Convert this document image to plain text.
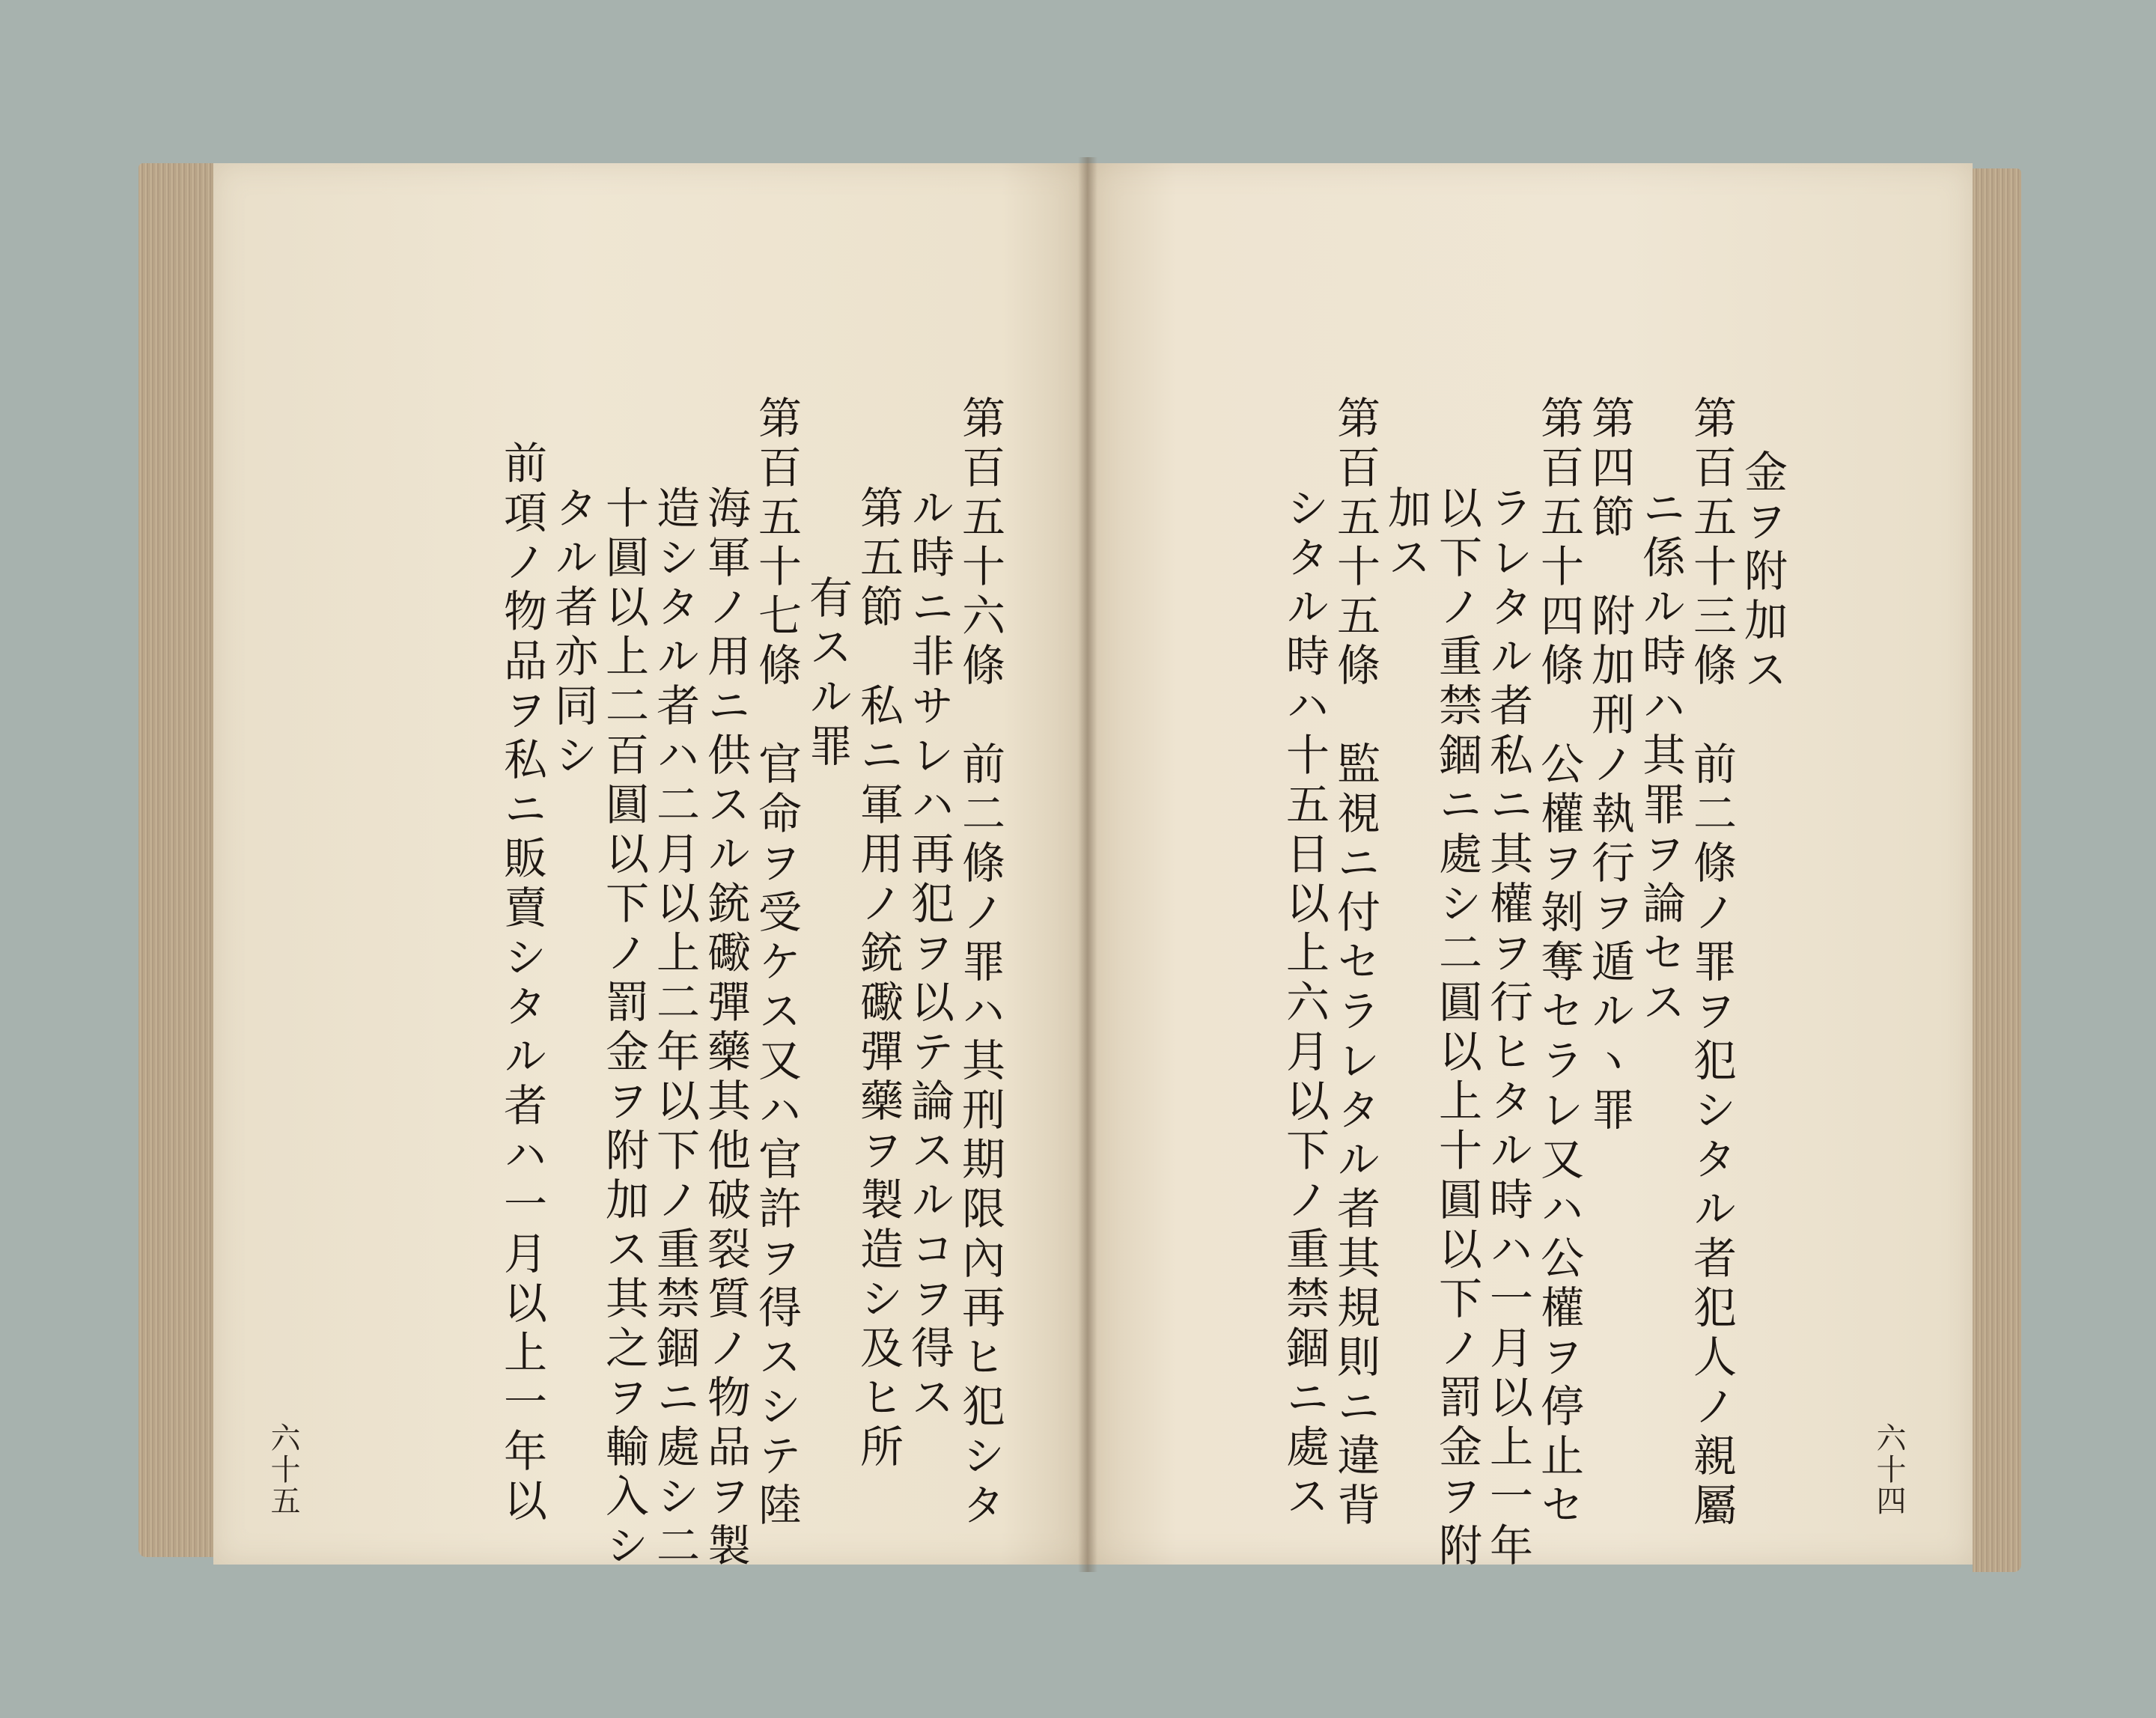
金ヲ附加ス
第百五十三條　前二條ノ罪ヲ犯シタル者犯人ノ親屬
ニ係ル時ハ其罪ヲ論セス
第四節　附加刑ノ執行ヲ遁ルヽ罪
第百五十四條　公權ヲ剝奪セラレ又ハ公權ヲ停止セ
ラレタル者私ニ其權ヲ行ヒタル時ハ一月以上一年
以下ノ重禁錮ニ處シ二圓以上十圓以下ノ罰金ヲ附
加ス
第百五十五條　監視ニ付セラレタル者其規則ニ違背
シタル時ハ十五日以上六月以下ノ重禁錮ニ處ス	六十四
第百五十六條　前二條ノ罪ハ其刑期限內再ヒ犯シタ
ル時ニ非サレハ再犯ヲ以テ論スルコヲ得ス
第五節　私ニ軍用ノ銃礮彈藥ヲ製造シ及ヒ所
有スル罪
第百五十七條　官命ヲ受ケス又ハ官許ヲ得スシテ陸
海軍ノ用ニ供スル銃礮彈藥其他破裂質ノ物品ヲ製
造シタル者ハ二月以上二年以下ノ重禁錮ニ處シ二
十圓以上二百圓以下ノ罰金ヲ附加ス其之ヲ輸入シ
タル者亦同シ
前項ノ物品ヲ私ニ販賣シタル者ハ一月以上一年以
六十五
